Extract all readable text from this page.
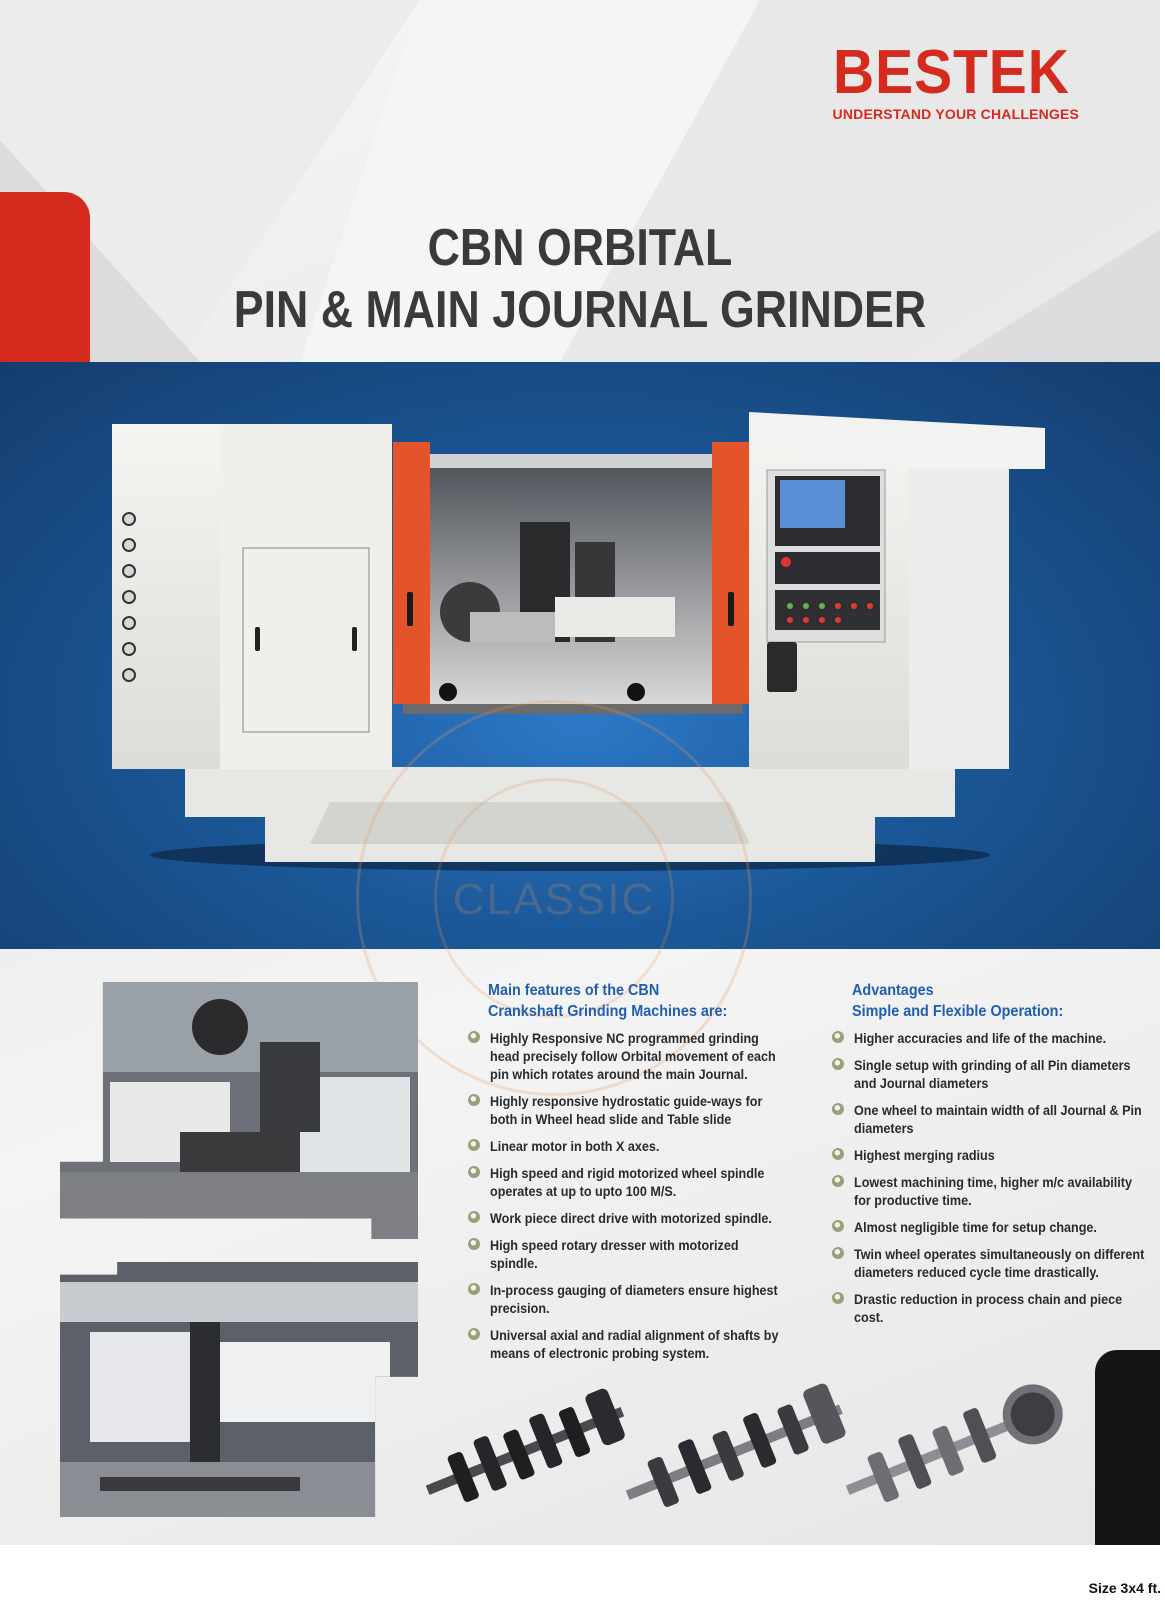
BESTEK
UNDERSTAND YOUR CHALLENGES
CBN ORBITAL
PIN & MAIN JOURNAL GRINDER
CLASSIC
Main features of the CBN
Crankshaft Grinding Machines are:
Highly Responsive NC programmed grinding head precisely follow Orbital movement of each pin which rotates around the main Journal.
Highly responsive hydrostatic guide-ways for both in Wheel head slide and Table slide
Linear motor in both X axes.
High speed and rigid motorized wheel spindle operates at up to upto 100 M/S.
Work piece direct drive with motorized spindle.
High speed rotary dresser with motorized spindle.
In-process gauging of diameters ensure highest precision.
Universal axial and radial alignment of shafts by means of electronic probing system.
Advantages
Simple and Flexible Operation:
Higher accuracies and life of the machine.
Single setup with grinding of all Pin diameters and Journal diameters
One wheel to maintain width of all Journal & Pin diameters
Highest merging radius
Lowest machining time, higher m/c availability for productive time.
Almost negligible time for setup change.
Twin wheel operates simultaneously on different diameters reduced cycle time drastically.
Drastic reduction in process chain and piece cost.
Size 3x4 ft.
